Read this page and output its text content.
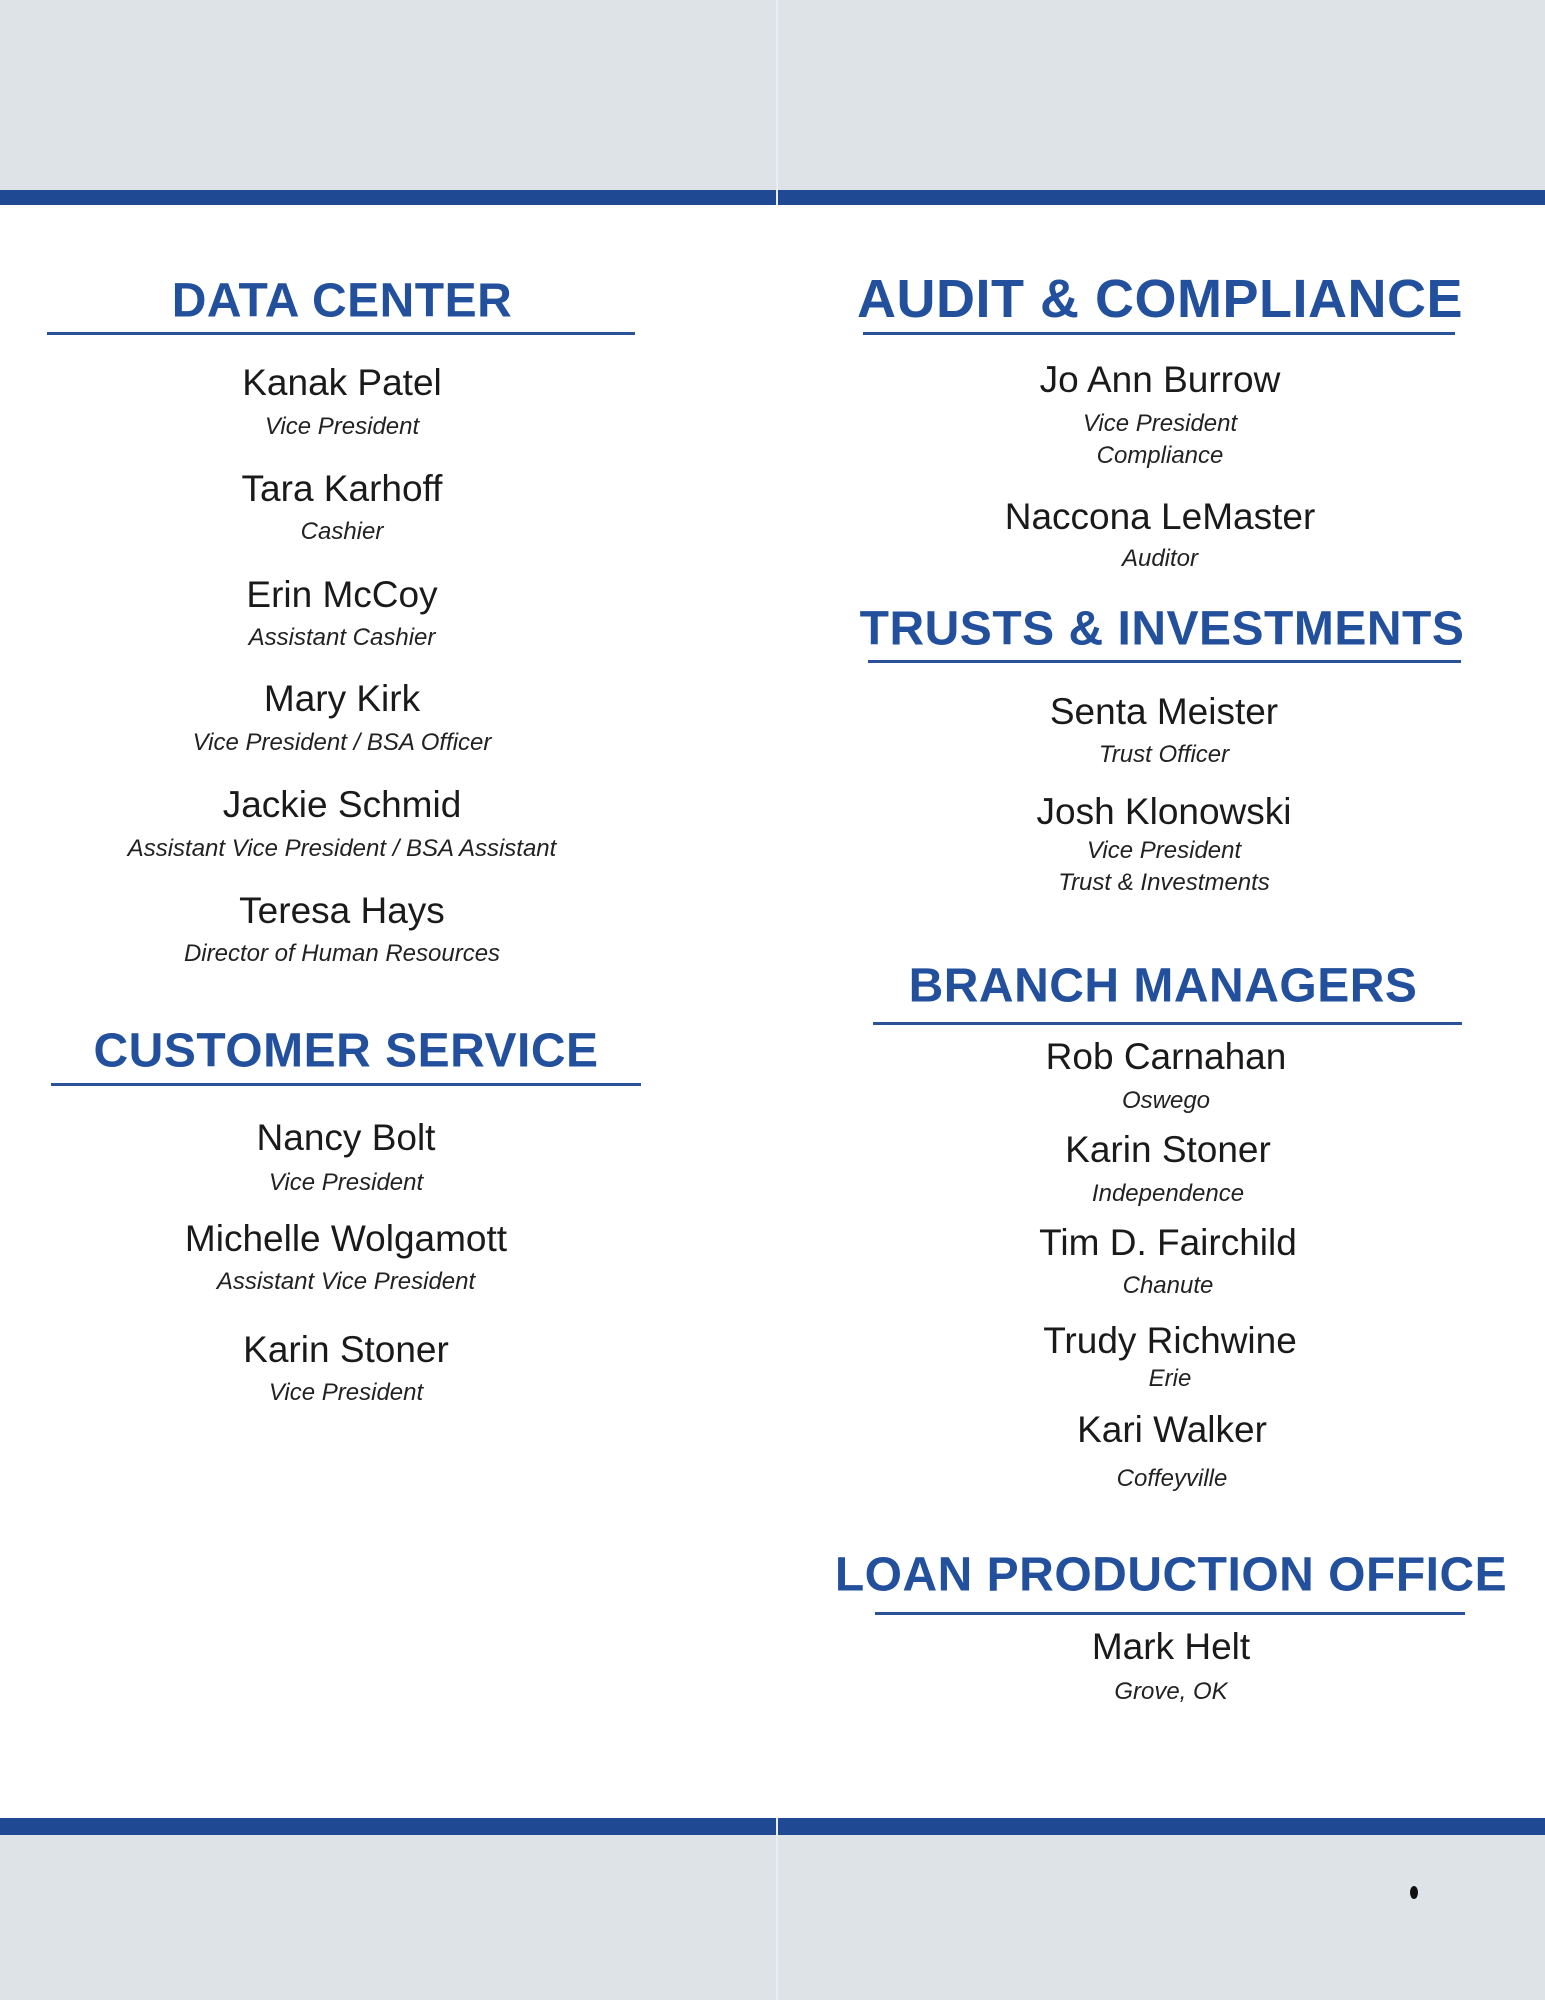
DATA CENTER
Kanak Patel
Vice President
Tara Karhoff
Cashier
Erin McCoy
Assistant Cashier
Mary Kirk
Vice President / BSA Officer
Jackie Schmid
Assistant Vice President / BSA Assistant
Teresa Hays
Director of Human Resources
CUSTOMER SERVICE
Nancy Bolt
Vice President
Michelle Wolgamott
Assistant Vice President
Karin Stoner
Vice President
AUDIT & COMPLIANCE
Jo Ann Burrow
Vice President
Compliance
Naccona LeMaster
Auditor
TRUSTS & INVESTMENTS
Senta Meister
Trust Officer
Josh Klonowski
Vice President
Trust & Investments
BRANCH MANAGERS
Rob Carnahan
Oswego
Karin Stoner
Independence
Tim D. Fairchild
Chanute
Trudy Richwine
Erie
Kari Walker
Coffeyville
LOAN PRODUCTION OFFICE
Mark Helt
Grove, OK
